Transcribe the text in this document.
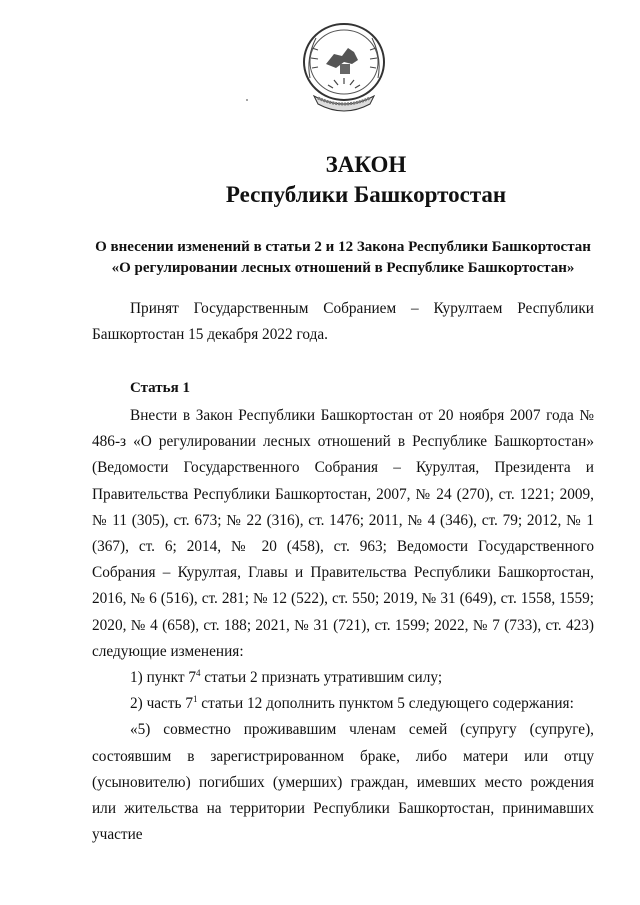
ЗАКОН
Республики Башкортостан
О внесении изменений в статьи 2 и 12 Закона Республики Башкортостан
«О регулировании лесных отношений в Республике Башкортостан»
Принят Государственным Собранием – Курултаем Республики Башкортостан 15 декабря 2022 года.
Статья 1

Внести в Закон Республики Башкортостан от 20 ноября 2007 года № 486-з «О регулировании лесных отношений в Республике Башкортостан» (Ведомости Государственного Собрания – Курултая, Президента и Правительства Республики Башкортостан, 2007, № 24 (270), ст. 1221; 2009, № 11 (305), ст. 673; № 22 (316), ст. 1476; 2011, № 4 (346), ст. 79; 2012, № 1 (367), ст. 6; 2014, № 20 (458), ст. 963; Ведомости Государственного Собрания – Курултая, Главы и Правительства Республики Башкортостан, 2016, № 6 (516), ст. 281; № 12 (522), ст. 550; 2019, № 31 (649), ст. 1558, 1559; 2020, № 4 (658), ст. 188; 2021, № 31 (721), ст. 1599; 2022, № 7 (733), ст. 423) следующие изменения:

1) пункт $7^4$ статьи 2 признать утратившим силу;

2) часть $7^1$ статьи 12 дополнить пунктом 5 следующего содержания:

«5) совместно проживавшим членам семей (супругу (супруге), состоявшим в зарегистрированном браке, либо матери или отцу (усыновителю) погибших (умерших) граждан, имевших место рождения или жительства на территории Республики Башкортостан, принимавших участие
